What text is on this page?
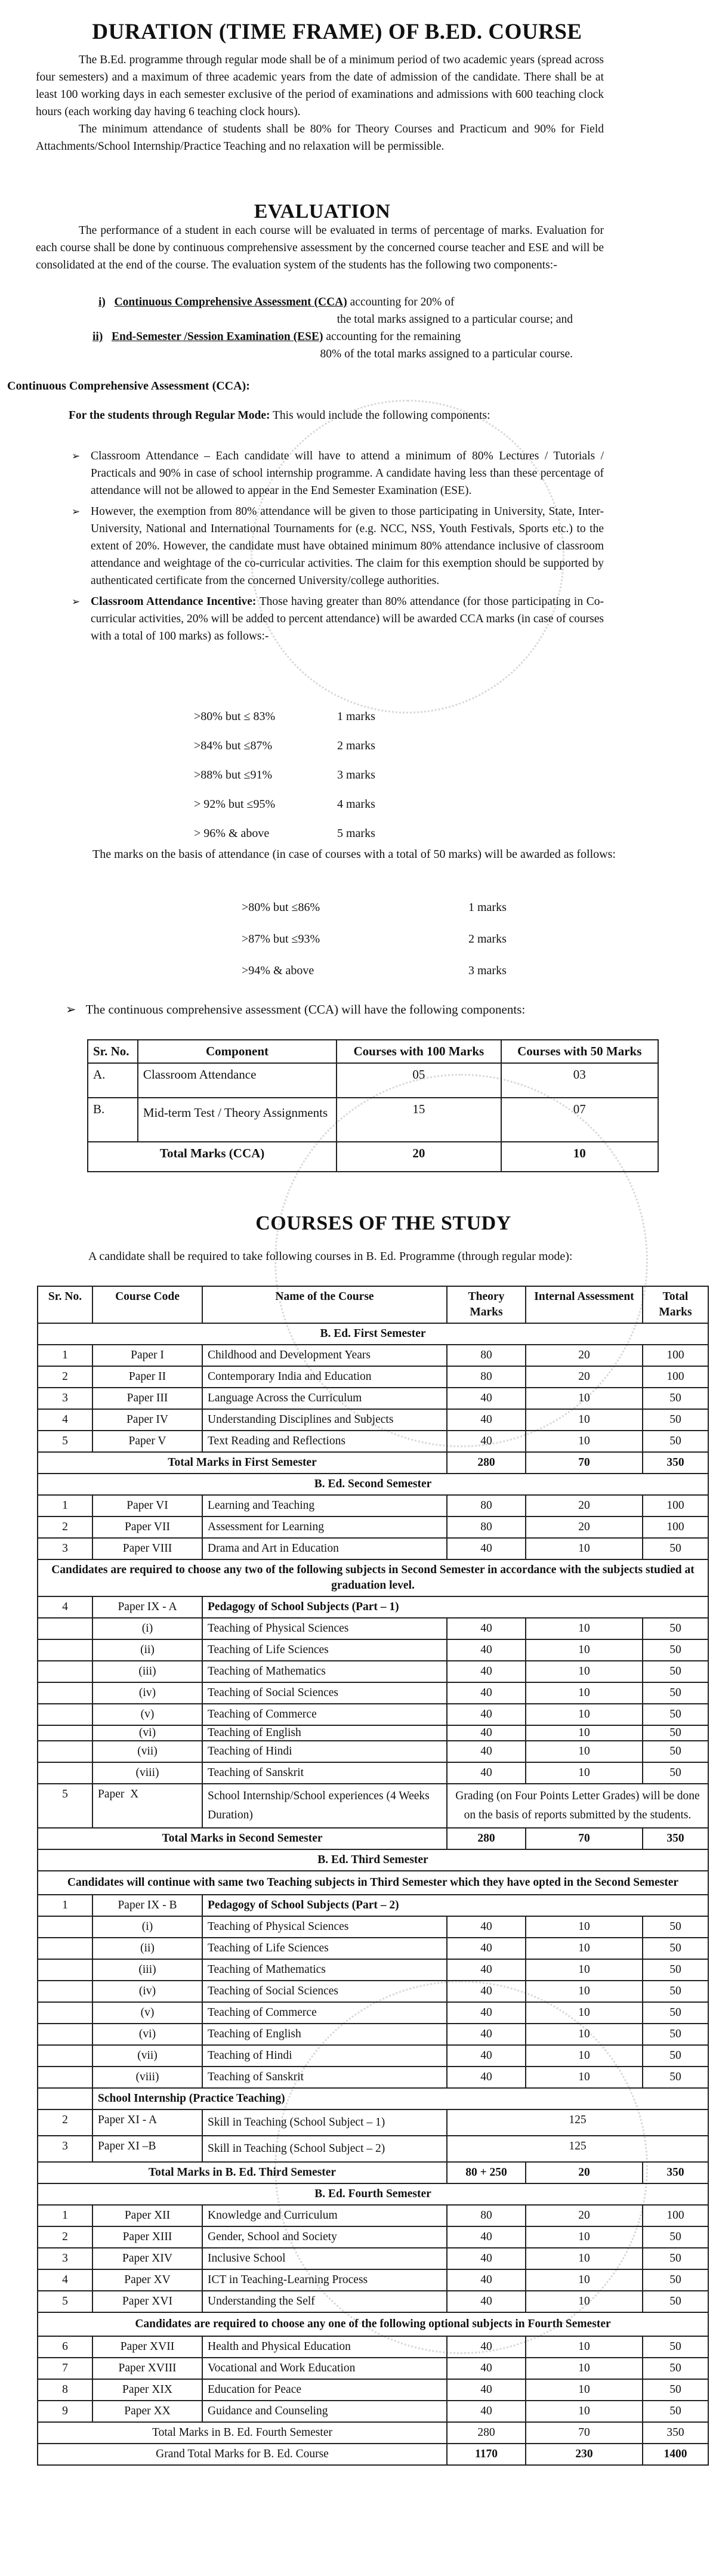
DURATION (TIME FRAME) OF B.ED. COURSE

The B.Ed. programme through regular mode shall be of a minimum period of two academic years (spread across four semesters) and a maximum of three academic years from the date of admission of the candidate. There shall be at least 100 working days in each semester exclusive of the period of examinations and admissions with 600 teaching clock hours (each working day having 6 teaching clock hours).

The minimum attendance of students shall be 80% for Theory Courses and Practicum and 90% for Field Attachments/School Internship/Practice Teaching and no relaxation will be permissible.

EVALUATION

The performance of a student in each course will be evaluated in terms of percentage of marks. Evaluation for each course shall be done by continuous comprehensive assessment by the concerned course teacher and ESE and will be consolidated at the end of the course. The evaluation system of the students has the following two components:-

i) Continuous Comprehensive Assessment (CCA) accounting for 20% of
the total marks assigned to a particular course; and
ii) End-Semester /Session Examination (ESE) accounting for the remaining
80% of the total marks assigned to a particular course.
Continuous Comprehensive Assessment (CCA):
For the students through Regular Mode: This would include the following components:
➢ Classroom Attendance – Each candidate will have to attend a minimum of 80% Lectures / Tutorials / Practicals and 90% in case of school internship programme. A candidate having less than these percentage of attendance will not be allowed to appear in the End Semester Examination (ESE).
➢ However, the exemption from 80% attendance will be given to those participating in University, State, Inter-University, National and International Tournaments for (e.g. NCC, NSS, Youth Festivals, Sports etc.) to the extent of 20%. However, the candidate must have obtained minimum 80% attendance inclusive of classroom attendance and weightage of the co-curricular activities. The claim for this exemption should be supported by authenticated certificate from the concerned University/college authorities.
➢ Classroom Attendance Incentive: Those having greater than 80% attendance (for those participating in Co-curricular activities, 20% will be added to percent attendance) will be awarded CCA marks (in case of courses with a total of 100 marks) as follows:-
>80% but ≤ 83%	1 marks
>84% but ≤87%	2 marks
>88% but ≤91%	3 marks
> 92% but ≤95%	4 marks
> 96% & above	5 marks

The marks on the basis of attendance (in case of courses with a total of 50 marks) will be awarded as follows:

>80% but ≤86%	1 marks
>87% but ≤93%	2 marks
>94% & above	3 marks
➢ The continuous comprehensive assessment (CCA) will have the following components:
Sr. No.	Component	Courses with 100 Marks	Courses with 50 Marks
A.	Classroom Attendance	05	03
B.	Mid-term Test / Theory Assignments	15	07
Total Marks (CCA)		20	10
COURSES OF THE STUDY

A candidate shall be required to take following courses in B. Ed. Programme (through regular mode):

Sr. No.	Course Code	Name of the Course	Theory Marks	Internal Assessment	Total Marks
B. Ed. First Semester					
1	Paper I	Childhood and Development Years	80	20	100
2	Paper II	Contemporary India and Education	80	20	100
3	Paper III	Language Across the Curriculum	40	10	50
4	Paper IV	Understanding Disciplines and Subjects	40	10	50
5	Paper V	Text Reading and Reflections	40	10	50
Total Marks in First Semester			280	70	350
B. Ed. Second Semester					
1	Paper VI	Learning and Teaching	80	20	100
2	Paper VII	Assessment for Learning	80	20	100
3	Paper VIII	Drama and Art in Education	40	10	50
Candidates are required to choose any two of the following subjects in Second Semester in accordance with the subjects studied at graduation level.					
4	Paper IX - A	Pedagogy of School Subjects (Part – 1)			
	(i)	Teaching of Physical Sciences	40	10	50
	(ii)	Teaching of Life Sciences	40	10	50
	(iii)	Teaching of Mathematics	40	10	50
	(iv)	Teaching of Social Sciences	40	10	50
	(v)	Teaching of Commerce	40	10	50
	(vi)	Teaching of English	40	10	50
	(vii)	Teaching of Hindi	40	10	50
	(viii)	Teaching of Sanskrit	40	10	50
5	Paper  X	School Internship/School experiences (4 Weeks Duration)	Grading (on Four Points Letter Grades) will be done on the basis of reports submitted by the students.		
Total Marks in Second Semester			280	70	350
B. Ed. Third Semester					
Candidates will continue with same two Teaching subjects in Third Semester which they have opted in the Second Semester					
1	Paper IX - B	Pedagogy of School Subjects (Part – 2)			
	(i)	Teaching of Physical Sciences	40	10	50
	(ii)	Teaching of Life Sciences	40	10	50
	(iii)	Teaching of Mathematics	40	10	50
	(iv)	Teaching of Social Sciences	40	10	50
	(v)	Teaching of Commerce	40	10	50
	(vi)	Teaching of English	40	10	50
	(vii)	Teaching of Hindi	40	10	50
	(viii)	Teaching of Sanskrit	40	10	50
	School Internship (Practice Teaching)				
2	Paper XI - A	Skill in Teaching (School Subject – 1)	125		
3	Paper XI –B	Skill in Teaching (School Subject – 2)	125		
Total Marks in B. Ed. Third Semester			80 + 250	20	350
B. Ed. Fourth Semester					
1	Paper XII	Knowledge and Curriculum	80	20	100
2	Paper XIII	Gender, School and Society	40	10	50
3	Paper XIV	Inclusive School	40	10	50
4	Paper XV	ICT in Teaching-Learning Process	40	10	50
5	Paper XVI	Understanding the Self	40	10	50
Candidates are required to choose any one of the following optional subjects in Fourth Semester					
6	Paper XVII	Health and Physical Education	40	10	50
7	Paper XVIII	Vocational and Work Education	40	10	50
8	Paper XIX	Education for Peace	40	10	50
9	Paper XX	Guidance and Counseling	40	10	50
Total Marks in B. Ed. Fourth Semester			280	70	350
Grand Total Marks for B. Ed. Course			1170	230	1400
